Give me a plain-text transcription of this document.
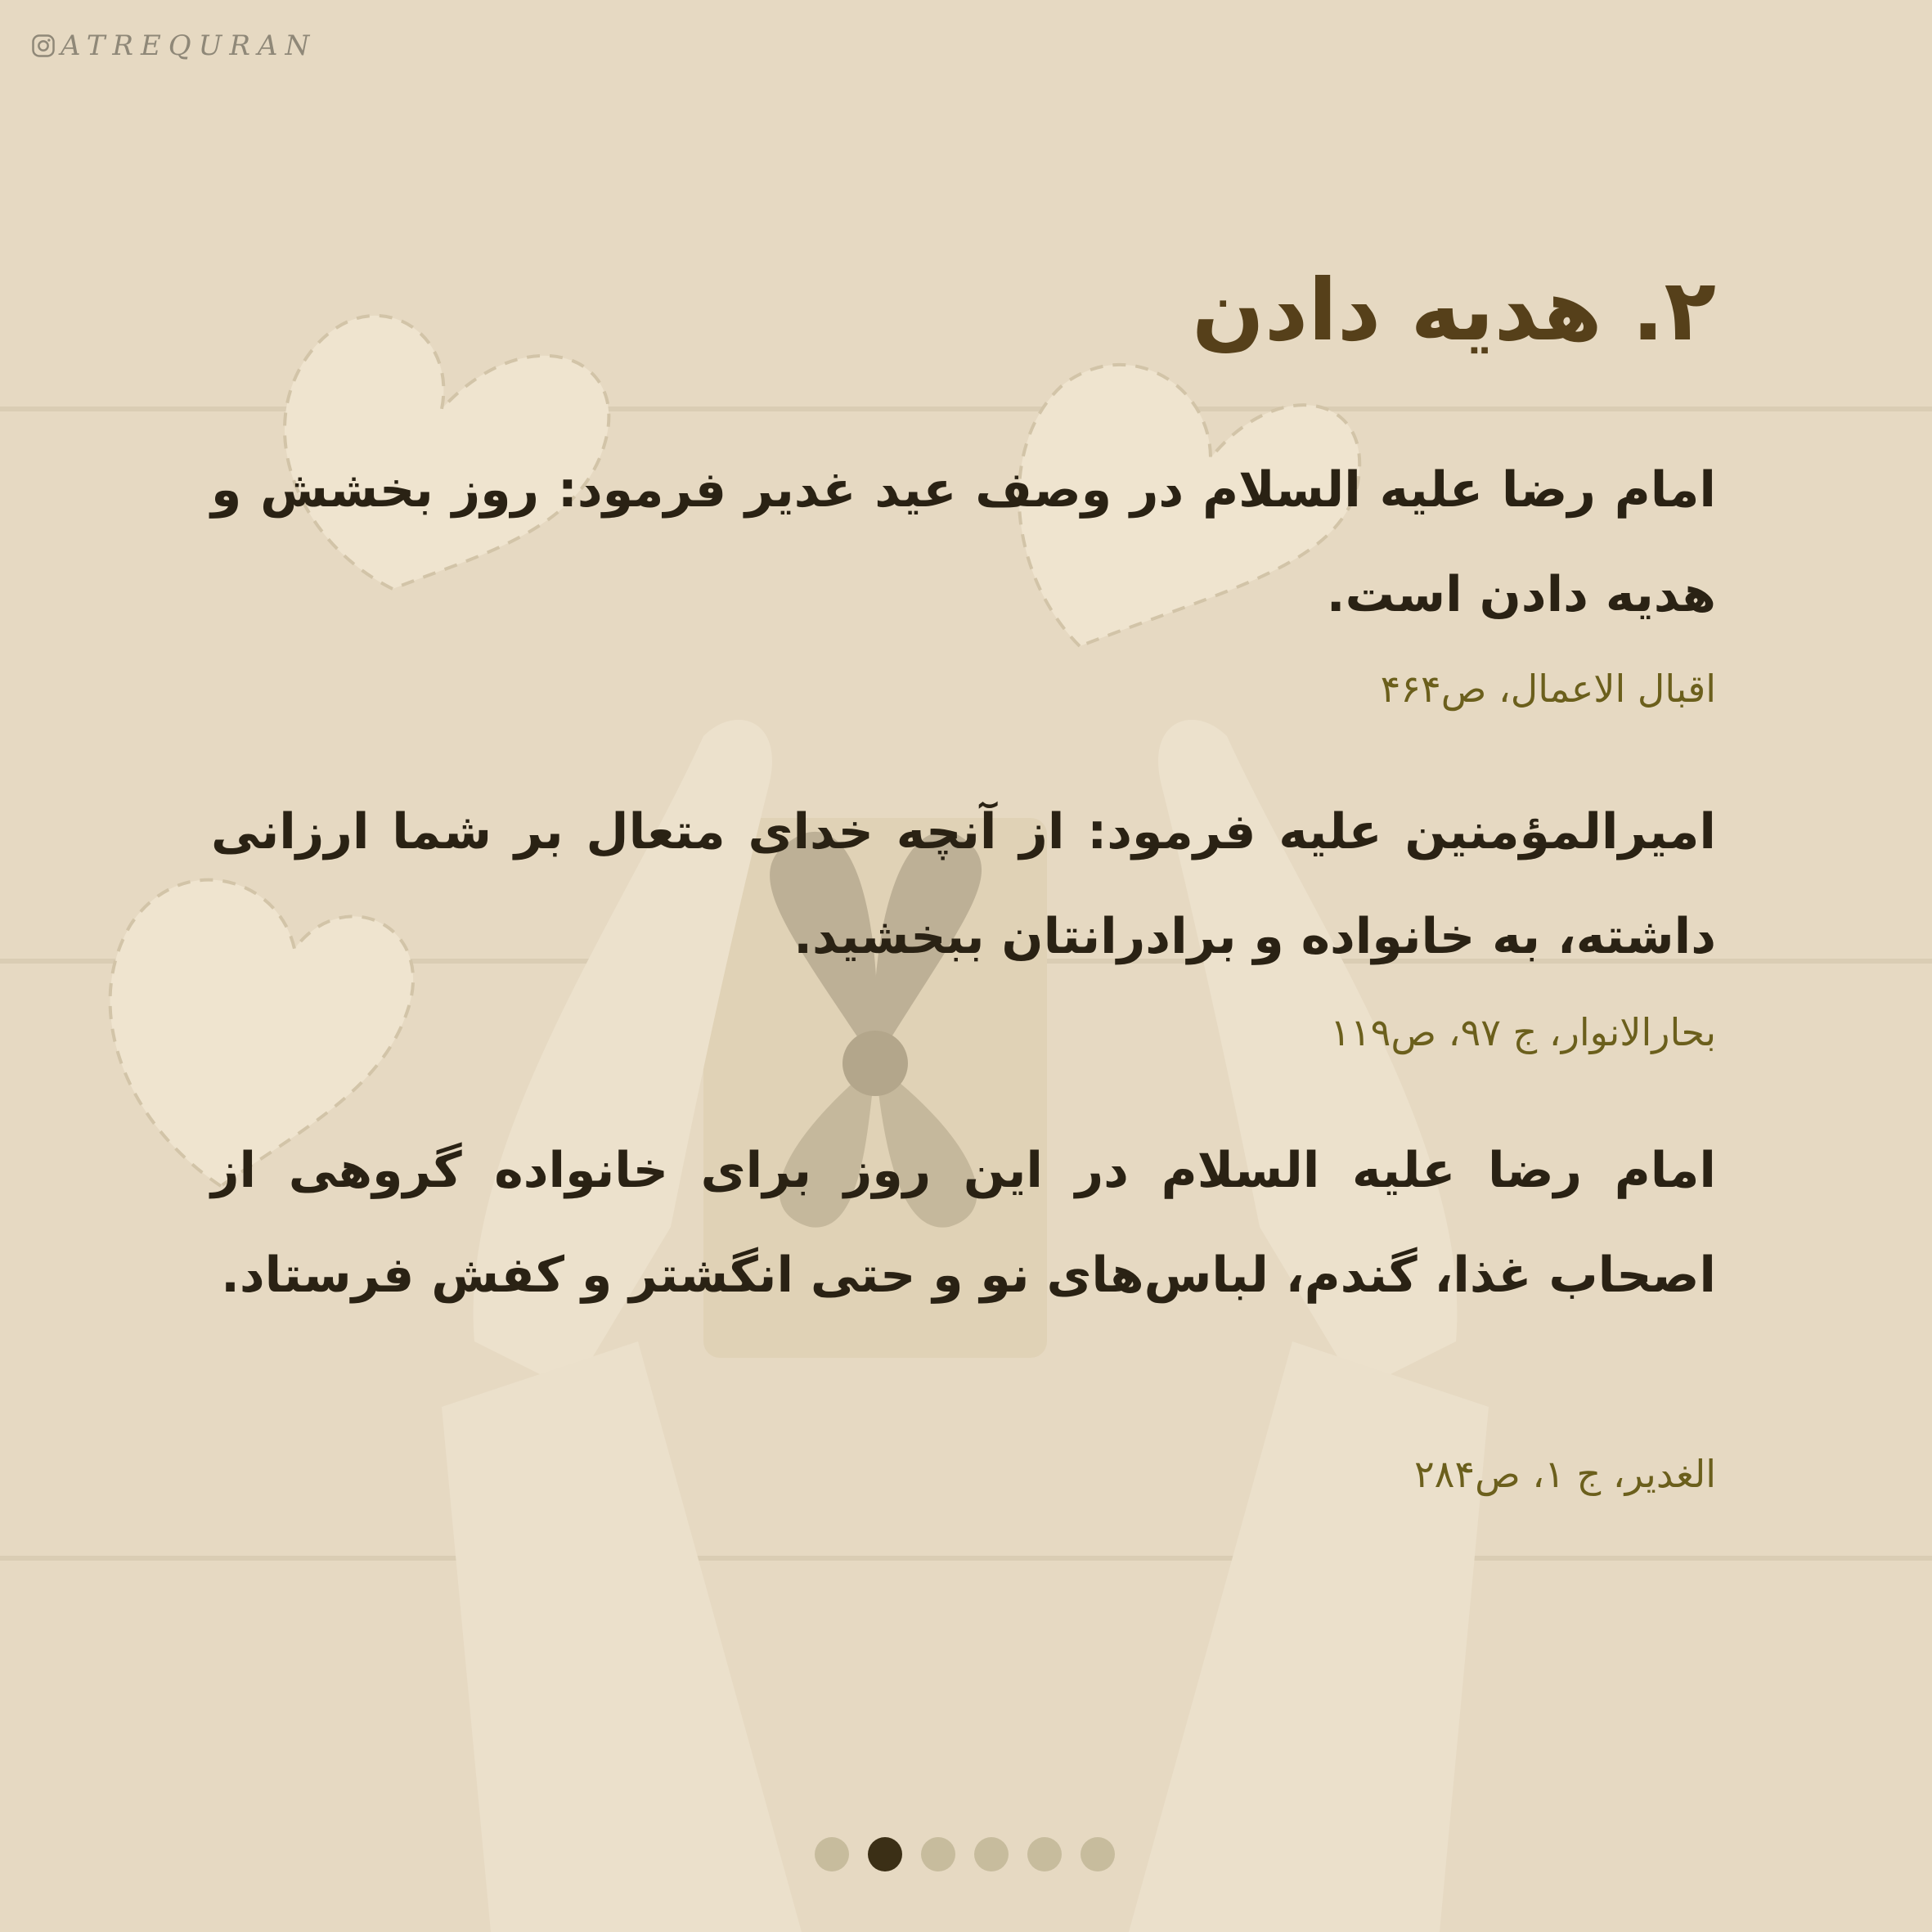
ATREQURAN
۲. هدیه دادن

امام رضا علیه السلام در وصف عید غدیر فرمود: روز بخشش و هدیه دادن است.

اقبال الاعمال، ص۴۶۴

امیرالمؤمنین علیه فرمود: از آنچه خدای متعال بر شما ارزانی داشته، به خانواده و برادرانتان ببخشید.

بحارالانوار، ج ۹۷، ص۱۱۹

امام رضا علیه السلام در این روز برای خانواده گروهی از اصحاب غذا، گندم، لباس‌های نو و حتی انگشتر و کفش فرستاد.

الغدیر، ج ۱، ص۲۸۴
